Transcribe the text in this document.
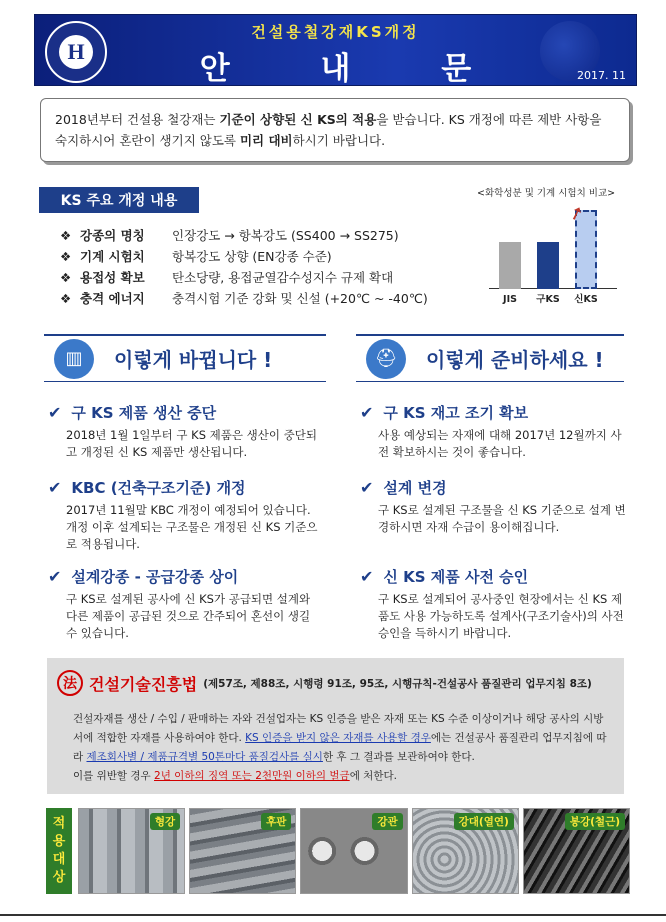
H
건설용철강재KS개정
안 내 문	2017. 11
2018년부터 건설용 철강재는 기준이 상향된 신 KS의 적용을 받습니다. KS 개정에 따른 제반 사항을 숙지하시어 혼란이 생기지 않도록 미리 대비하시기 바랍니다.
KS 주요 개정 내용
❖ 강종의 명칭	인장강도 → 항복강도 (SS400 → SS275)
❖ 기계 시험치	항복강도 상향 (EN강종 수준)
❖ 용접성 확보	탄소당량, 용접균열감수성지수 규제 확대
❖ 충격 에너지	충격시험 기준 강화 및 신설 (+20℃ ~ -40℃)
<화학성분 및 기계 시험치 비교>
JIS	구KS	신KS
➚
▥	이렇게 바뀝니다 !	⛑	이렇게 준비하세요 !
✔ 구 KS 제품 생산 중단
2018년 1월 1일부터 구 KS 제품은 생산이 중단되고 개정된 신 KS 제품만 생산됩니다.
✔ KBC (건축구조기준) 개정
2017년 11월말 KBC 개정이 예정되어 있습니다. 개정 이후 설계되는 구조물은 개정된 신 KS 기준으로 적용됩니다.
✔ 설계강종 - 공급강종 상이
구 KS로 설계된 공사에 신 KS가 공급되면 설계와 다른 제품이 공급된 것으로 간주되어 혼선이 생길 수 있습니다.
✔ 구 KS 재고 조기 확보
사용 예상되는 자재에 대해 2017년 12월까지 사전 확보하시는 것이 좋습니다.
✔ 설계 변경
구 KS로 설계된 구조물을 신 KS 기준으로 설계 변경하시면 자재 수급이 용이해집니다.
✔ 신 KS 제품 사전 승인
구 KS로 설계되어 공사중인 현장에서는 신 KS 제품도 사용 가능하도록 설계사(구조기술사)의 사전 승인을 득하시기 바랍니다.
法 건설기술진흥법 (제57조, 제88조, 시행령 91조, 95조, 시행규칙-건설공사 품질관리 업무지침 8조)
건설자재를 생산 / 수입 / 판매하는 자와 건설업자는 KS 인증을 받은 자재 또는 KS 수준 이상이거나 해당 공사의 시방서에 적합한 자재를 사용하여야 한다. KS 인증을 받지 않은 자재를 사용할 경우에는 건설공사 품질관리 업무지침에 따라 제조회사별 / 제품규격별 50톤마다 품질검사를 실시한 후 그 결과를 보관하여야 한다.
이를 위반할 경우 2년 이하의 징역 또는 2천만원 이하의 벌금에 처한다.
적
용
대
상
형강	후판	강관	강대(열연)	봉강(철근)
